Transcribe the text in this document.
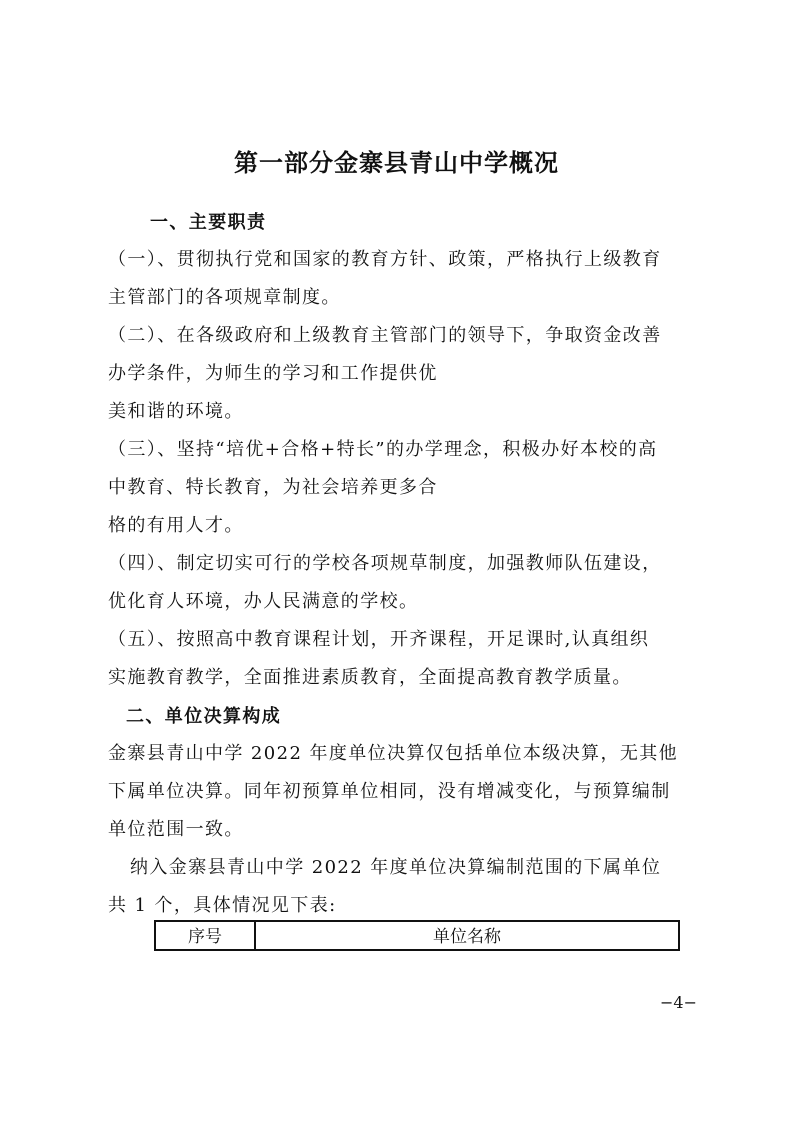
第一部分金寨县青山中学概况
一、主要职责
（一）、贯彻执行党和国家的教育方针、政策，严格执行上级教育
主管部门的各项规章制度。
（二）、在各级政府和上级教育主管部门的领导下，争取资金改善
办学条件，为师生的学习和工作提供优
美和谐的环境。
（三）、坚持“培优+合格+特长”的办学理念，积极办好本校的高
中教育、特长教育，为社会培养更多合
格的有用人才。
（四）、制定切实可行的学校各项规草制度，加强教师队伍建设，
优化育人环境，办人民满意的学校。
（五）、按照高中教育课程计划，开齐课程，开足课时,认真组织
实施教育教学，全面推进素质教育，全面提高教育教学质量。
二、单位决算构成
金寨县青山中学 2022 年度单位决算仅包括单位本级决算，无其他
下属单位决算。同年初预算单位相同，没有增减变化，与预算编制
单位范围一致。
纳入金寨县青山中学 2022 年度单位决算编制范围的下属单位
共 1 个，具体情况见下表:
序号	单位名称
−4−
